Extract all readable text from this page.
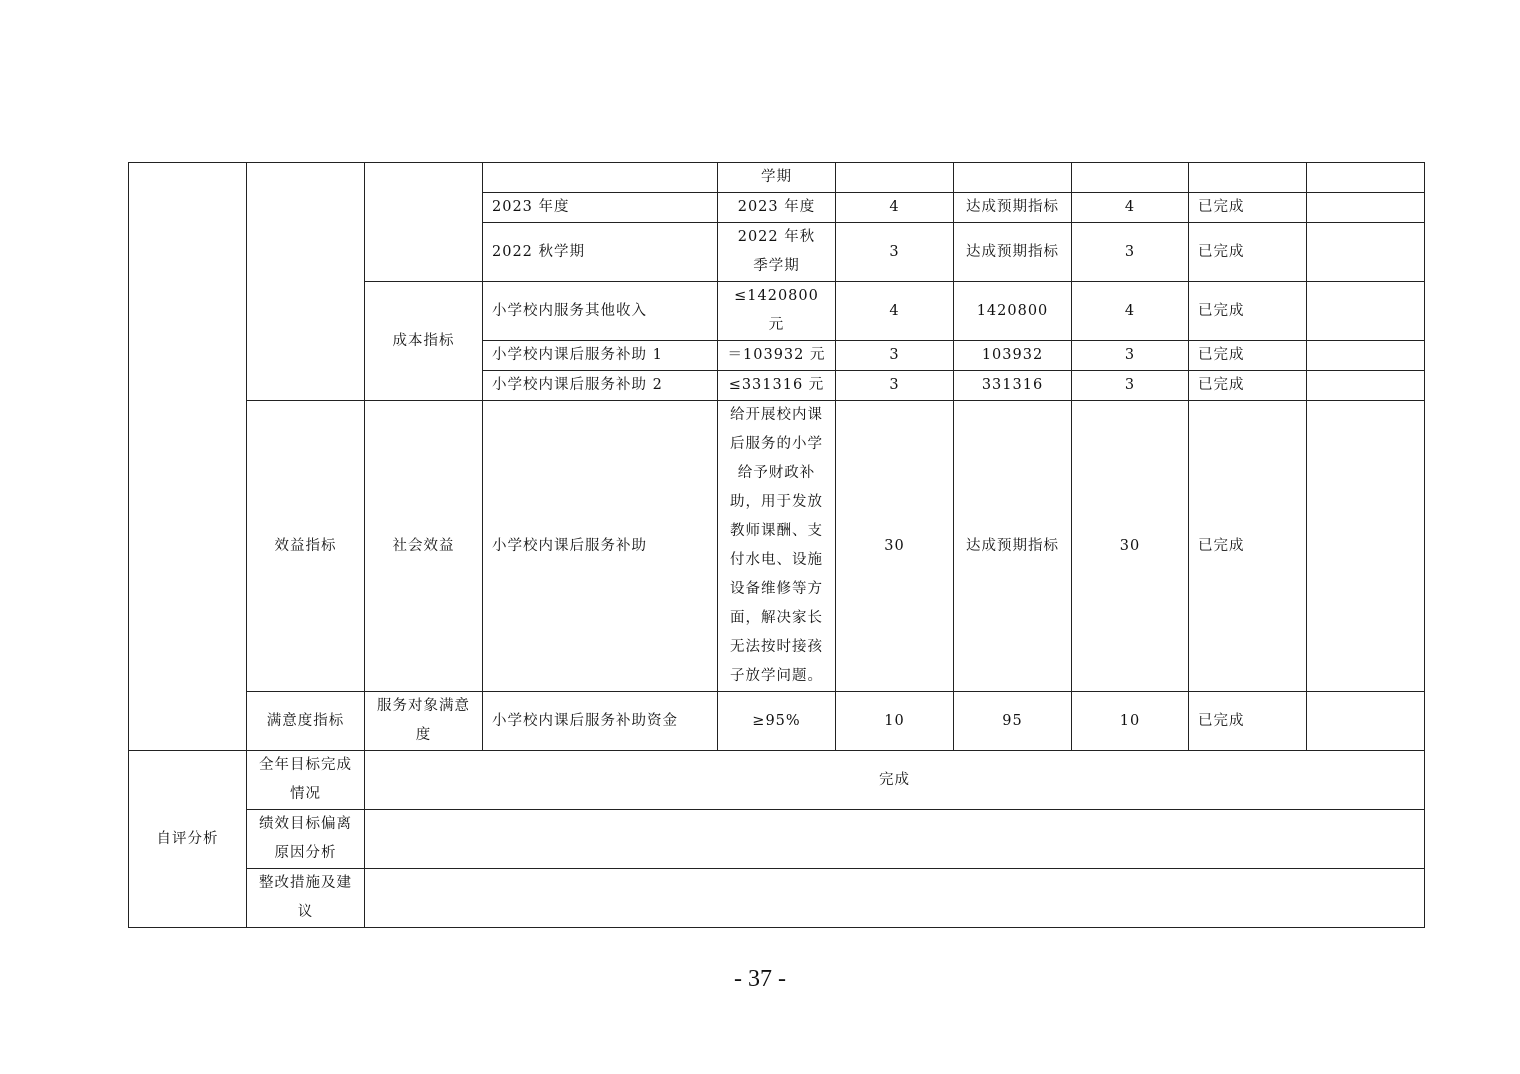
				学期					
			2023 年度	2023 年度	4	达成预期指标	4	已完成	
			2022 秋学期	2022 年秋季学期	3	达成预期指标	3	已完成	
		成本指标	小学校内服务其他收入	≤1420800 元	4	1420800	4	已完成	
			小学校内课后服务补助 1	＝103932 元	3	103932	3	已完成	
			小学校内课后服务补助 2	≤331316 元	3	331316	3	已完成	
	效益指标	社会效益	小学校内课后服务补助	给开展校内课后服务的小学给予财政补助，用于发放教师课酬、支付水电、设施设备维修等方面，解决家长无法按时接孩子放学问题。	30	达成预期指标	30	已完成	
	满意度指标	服务对象满意度	小学校内课后服务补助资金	≥95%	10	95	10	已完成	
自评分析	全年目标完成情况	完成							
	绩效目标偏离原因分析								
	整改措施及建议								
- 37 -
